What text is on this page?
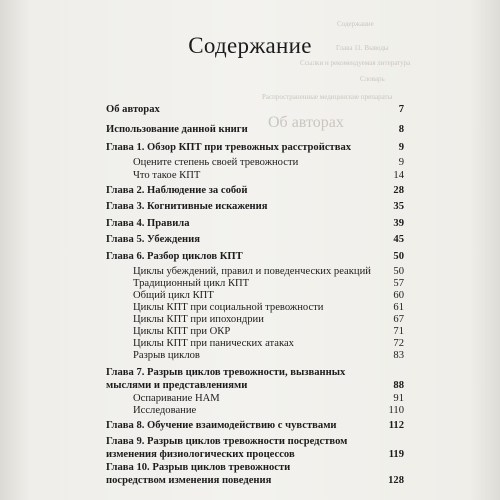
Содержание
Глава 11. Выводы
Ссылки и рекомендуемая литература
Словарь
Распространенные медицинские препараты
Об авторах
Содержание
Об авторах	7
Использование данной книги	8
Глава 1. Обзор КПТ при тревожных расстройствах	9
Оцените степень своей тревожности	9
Что такое КПТ	14
Глава 2. Наблюдение за собой	28
Глава 3. Когнитивные искажения	35
Глава 4. Правила	39
Глава 5. Убеждения	45
Глава 6. Разбор циклов КПТ	50
Циклы убеждений, правил и поведенческих реакций	50
Традиционный цикл КПТ	57
Общий цикл КПТ	60
Циклы КПТ при социальной тревожности	61
Циклы КПТ при ипохондрии	67
Циклы КПТ при ОКР	71
Циклы КПТ при панических атаках	72
Разрыв циклов	83
Глава 7. Разрыв циклов тревожности, вызванных мыслями и представлениями	88
Оспаривание НАМ	91
Исследование	110
Глава 8. Обучение взаимодействию с чувствами	112
Глава 9. Разрыв циклов тревожности посредством изменения физиологических процессов	119
Глава 10. Разрыв циклов тревожности посредством изменения поведения	128
